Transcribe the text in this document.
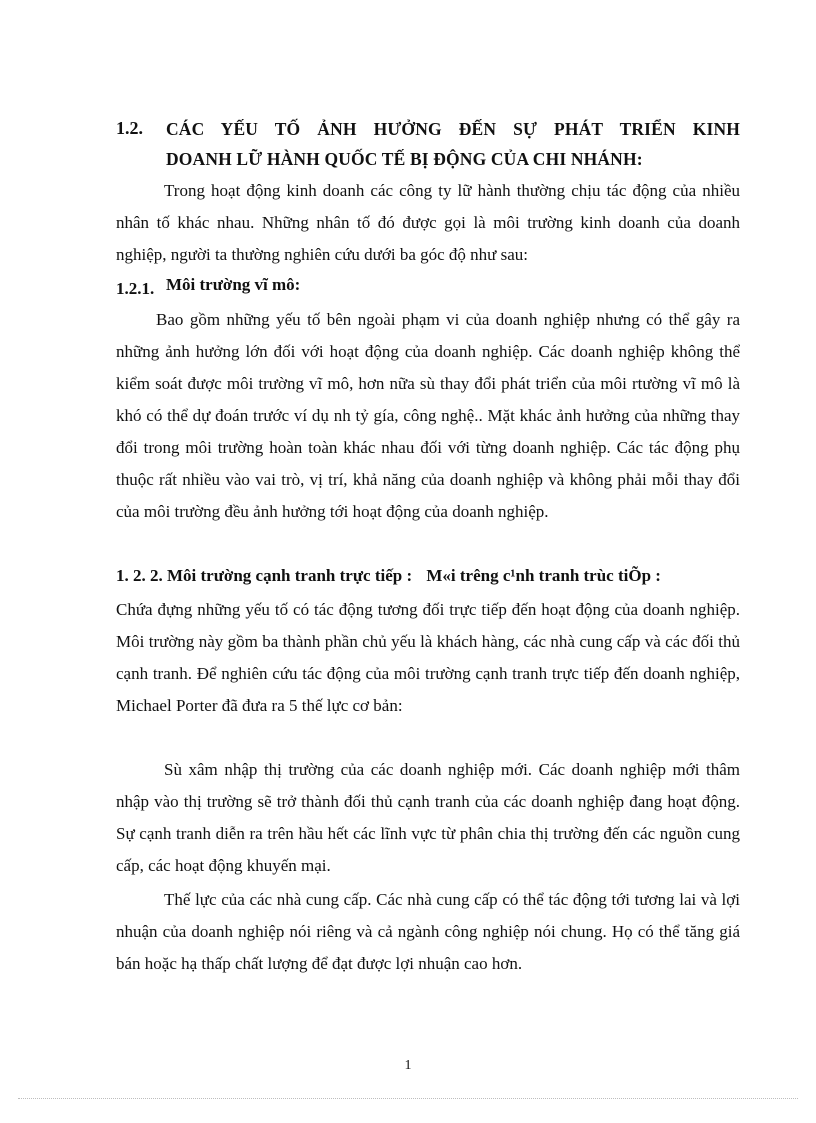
1.2. CÁC YẾU TỐ ẢNH HƯỞNG ĐẾN SỰ PHÁT TRIỂN KINH
DOANH LỮ HÀNH QUỐC TẾ BỊ ĐỘNG CỦA CHI NHÁNH:
Trong hoạt động kinh doanh các công ty lữ hành thường chịu tác động của nhiều nhân tố khác nhau. Những nhân tố đó được gọi là môi trường kinh doanh của doanh nghiệp, người ta thường nghiên cứu dưới ba góc độ như sau:
1.2.1. Môi trường vĩ mô:
Bao gồm những yếu tố bên ngoài phạm vi của doanh nghiệp nhưng có thể gây ra những ảnh hưởng lớn đối với hoạt động của doanh nghiệp. Các doanh nghiệp không thể kiểm soát được môi trường vĩ mô, hơn nữa sù thay đổi phát triển của môi rtường vĩ mô là khó có thể dự đoán trước ví dụ nh tỷ gía, công nghệ.. Mặt khác ảnh hưởng của những thay đổi trong môi trường hoàn toàn khác nhau đối với từng doanh nghiệp. Các tác động phụ thuộc rất nhiều vào vai trò, vị trí, khả năng của doanh nghiệp và không phải mỗi thay đổi của môi trường đều ảnh hưởng tới hoạt động của doanh nghiệp.
1. 2. 2. Môi trường cạnh tranh trực tiếp : M«i trêng c¹nh tranh trùc tiÕp :
Chứa đựng những yếu tố có tác động tương đối trực tiếp đến hoạt động của doanh nghiệp. Môi trường này gồm ba thành phần chủ yếu là khách hàng, các nhà cung cấp và các đối thủ cạnh tranh. Để nghiên cứu tác động của môi trường cạnh tranh trực tiếp đến doanh nghiệp, Michael Porter đã đưa ra 5 thế lực cơ bản:
Sù xâm nhập thị trường của các doanh nghiệp mới. Các doanh nghiệp mới thâm nhập vào thị trường sẽ trở thành đối thủ cạnh tranh của các doanh nghiệp đang hoạt động. Sự cạnh tranh diễn ra trên hầu hết các lĩnh vực từ phân chia thị trường đến các nguồn cung cấp, các hoạt động khuyến mại.
Thế lực của các nhà cung cấp. Các nhà cung cấp có thể tác động tới tương lai và lợi nhuận của doanh nghiệp nói riêng và cả ngành công nghiệp nói chung. Họ có thể tăng giá bán hoặc hạ thấp chất lượng để đạt được lợi nhuận cao hơn.
1
